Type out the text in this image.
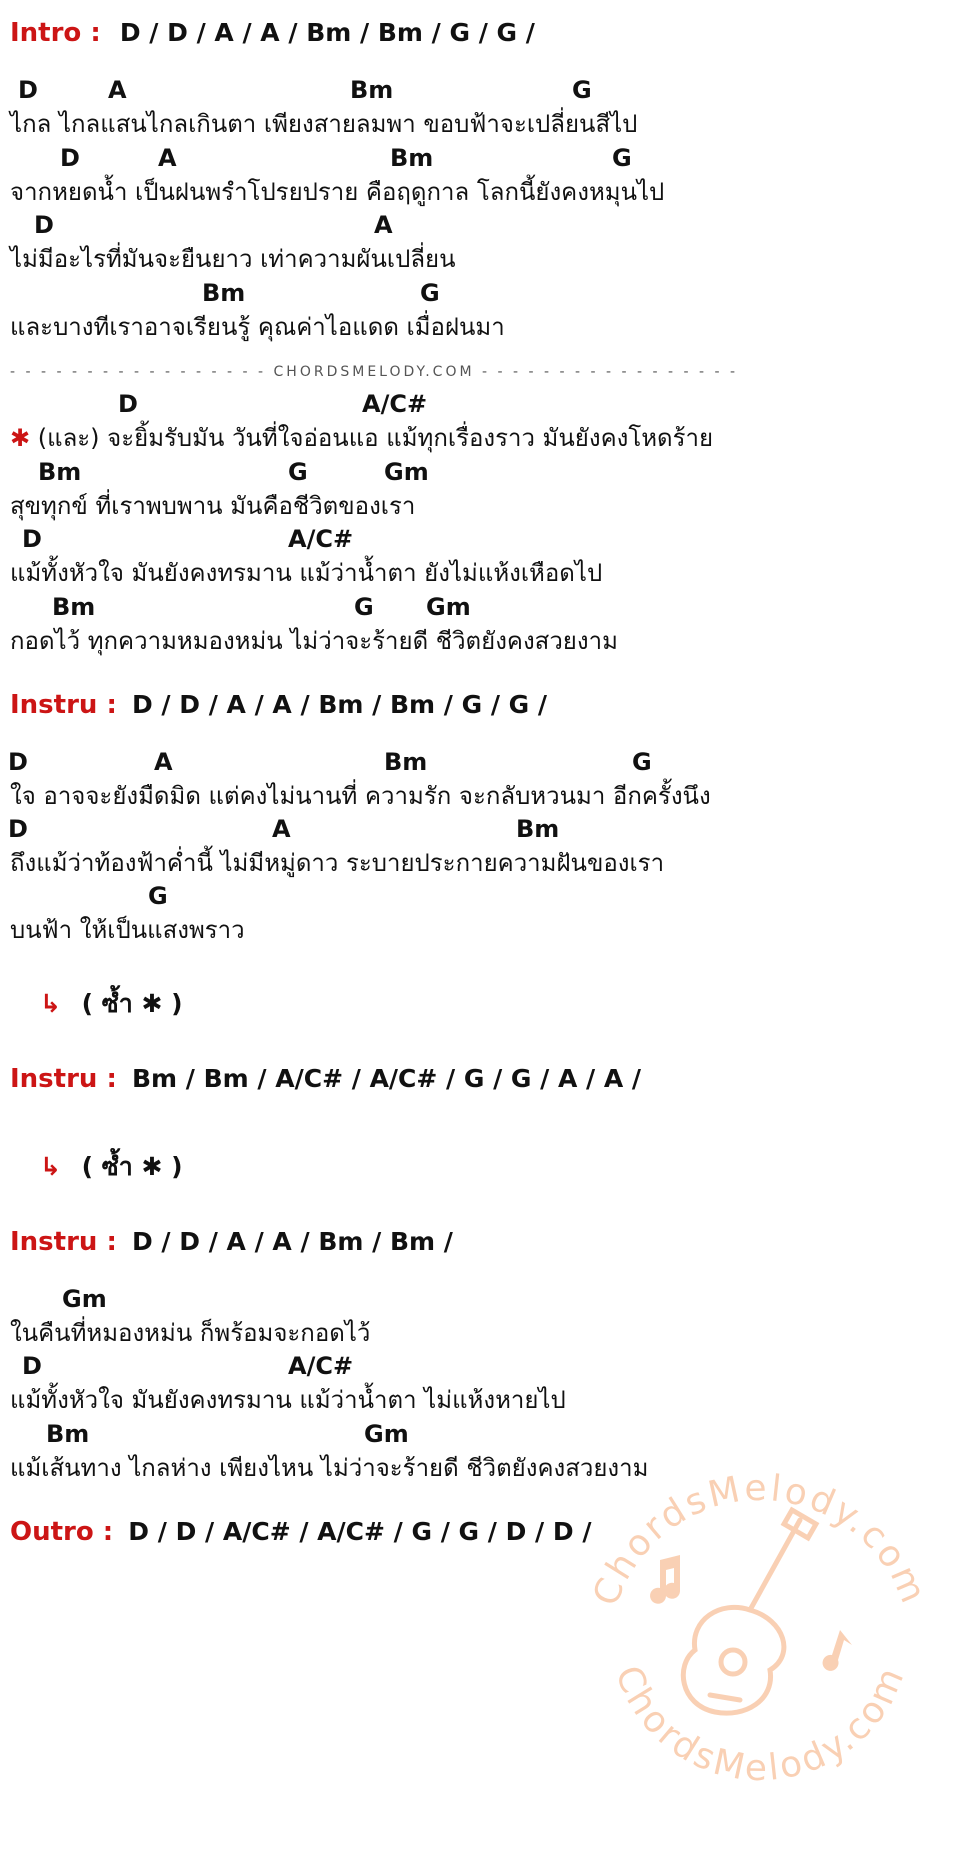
Intro : D / D / A / A / Bm / Bm / G / G /
D	A	Bm	G
ไกล ไกลแสนไกลเกินตา เพียงสายลมพา ขอบฟ้าจะเปลี่ยนสีไป
D	A	Bm	G
จากหยดน้ำ เป็นฝนพรำโปรยปราย คือฤดูกาล โลกนี้ยังคงหมุนไป
D	A
ไม่มีอะไรที่มันจะยืนยาว เท่าความผันเปลี่ยน
Bm	G
และบางทีเราอาจเรียนรู้ คุณค่าไอแดด เมื่อฝนมา
- - - - - - - - - - - - - - - - - CHORDSMELODY.COM - - - - - - - - - - - - - - - - -
D	A/C#
✱ (และ) จะยิ้มรับมัน วันที่ใจอ่อนแอ แม้ทุกเรื่องราว มันยังคงโหดร้าย
Bm	G	Gm
สุขทุกข์ ที่เราพบพาน มันคือชีวิตของเรา
D	A/C#
แม้ทั้งหัวใจ มันยังคงทรมาน แม้ว่าน้ำตา ยังไม่แห้งเหือดไป
Bm	G Gm
กอดไว้ ทุกความหมองหม่น ไม่ว่าจะร้ายดี ชีวิตยังคงสวยงาม
Instru : D / D / A / A / Bm / Bm / G / G /
D	A	Bm	G
ใจ อาจจะยังมืดมิด แต่คงไม่นานที่ ความรัก จะกลับหวนมา อีกครั้งนึง
D	A	Bm
ถึงแม้ว่าท้องฟ้าค่ำนี้ ไม่มีหมู่ดาว ระบายประกายความฝันของเรา
G
บนฟ้า ให้เป็นแสงพราว
↳ ( ซ้ำ ✱ )
Instru : Bm / Bm / A/C# / A/C# / G / G / A / A /
↳ ( ซ้ำ ✱ )
Instru : D / D / A / A / Bm / Bm /
Gm
ในคืนที่หมองหม่น ก็พร้อมจะกอดไว้
D	A/C#
แม้ทั้งหัวใจ มันยังคงทรมาน แม้ว่าน้ำตา ไม่แห้งหายไป
Bm	Gm
แม้เส้นทาง ไกลห่าง เพียงไหน ไม่ว่าจะร้ายดี ชีวิตยังคงสวยงาม
Outro : D / D / A/C# / A/C# / G / G / D / D /
ChordsMelody.com
ChordsMelody.com
